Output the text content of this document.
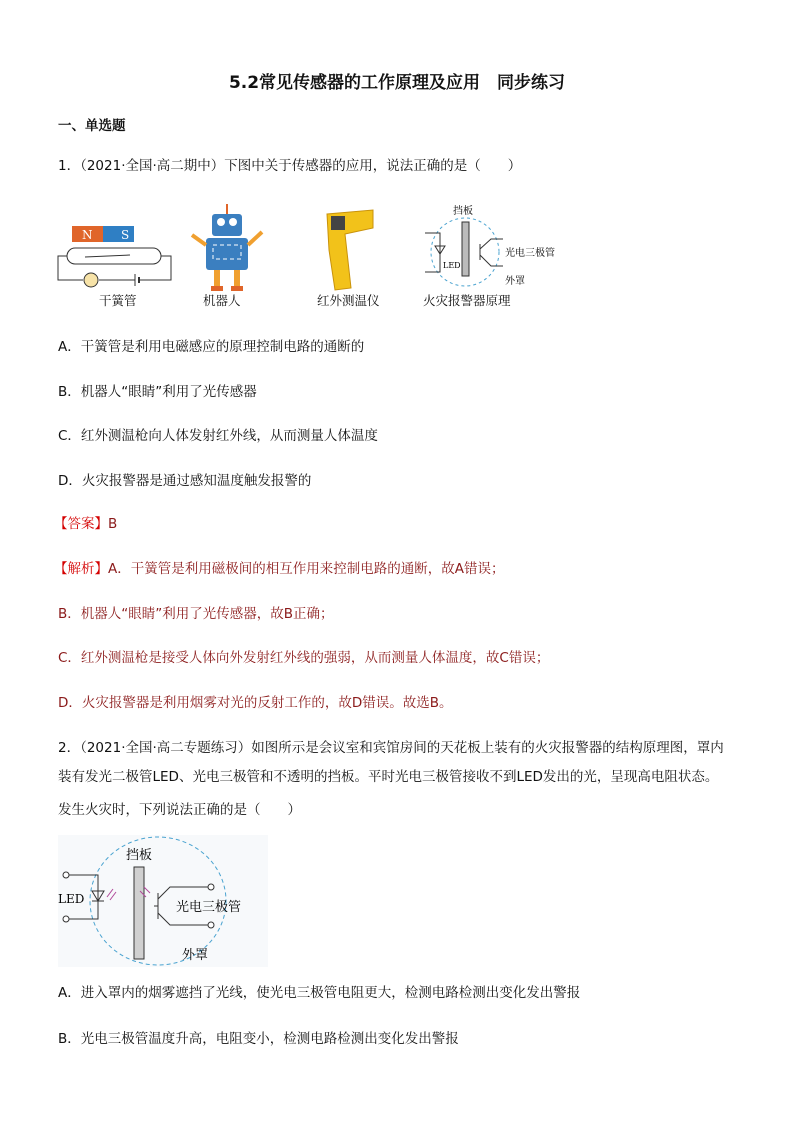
5.2常见传感器的工作原理及应用　同步练习
一、单选题
1．（2021·全国·高二期中）下图中关于传感器的应用，说法正确的是（　　）
N S
挡板
LED
光电三极管
外罩
干簧管	机器人	红外测温仪	火灾报警器原理
A．干簧管是利用电磁感应的原理控制电路的通断的
B．机器人“眼睛”利用了光传感器
C．红外测温枪向人体发射红外线，从而测量人体温度
D．火灾报警器是通过感知温度触发报警的
【答案】B
【解析】A．干簧管是利用磁极间的相互作用来控制电路的通断，故A错误；
B．机器人“眼睛”利用了光传感器，故B正确；
C．红外测温枪是接受人体向外发射红外线的强弱，从而测量人体温度，故C错误；
D．火灾报警器是利用烟雾对光的反射工作的，故D错误。故选B。
2．（2021·全国·高二专题练习）如图所示是会议室和宾馆房间的天花板上装有的火灾报警器的结构原理图，罩内
装有发光二极管LED、光电三极管和不透明的挡板。平时光电三极管接收不到LED发出的光，呈现高电阻状态。
发生火灾时，下列说法正确的是（　　）
挡板
LED
光电三极管
外罩
A．进入罩内的烟雾遮挡了光线，使光电三极管电阻更大，检测电路检测出变化发出警报
B．光电三极管温度升高，电阻变小，检测电路检测出变化发出警报
